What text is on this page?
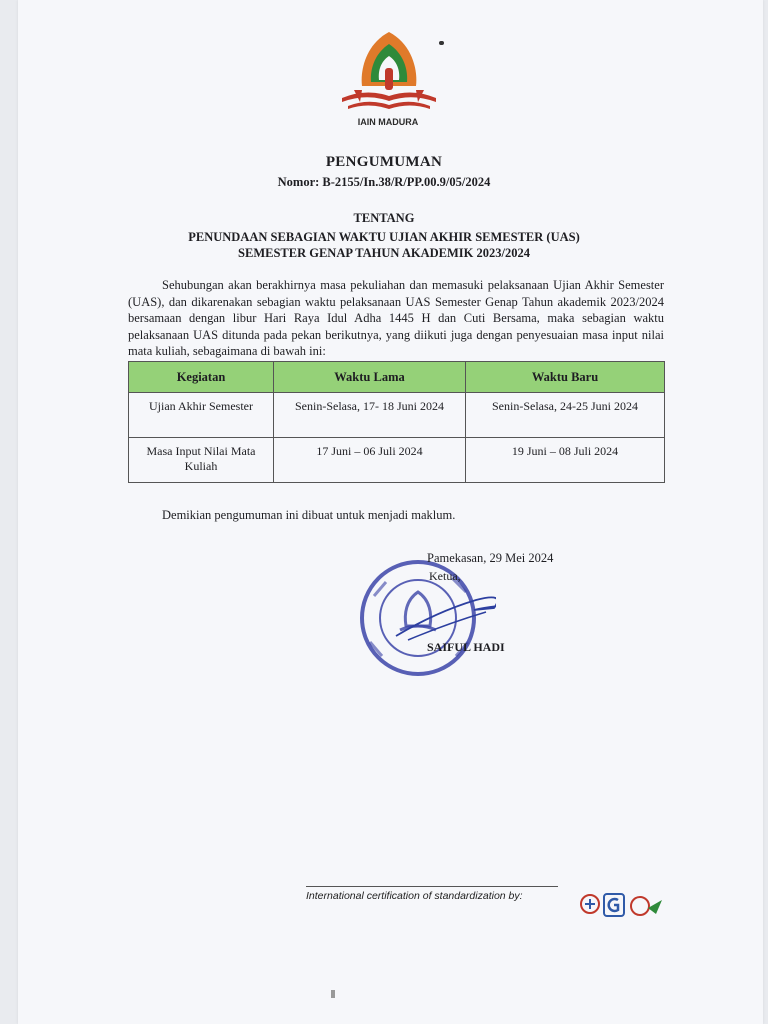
IAIN MADURA
PENGUMUMAN
Nomor: B-2155/In.38/R/PP.00.9/05/2024
TENTANG
PENUNDAAN SEBAGIAN WAKTU UJIAN AKHIR SEMESTER (UAS)
SEMESTER GENAP TAHUN AKADEMIK 2023/2024
Sehubungan akan berakhirnya masa pekuliahan dan memasuki pelaksanaan Ujian Akhir Semester (UAS), dan dikarenakan sebagian waktu pelaksanaan UAS Semester Genap Tahun akademik 2023/2024 bersamaan dengan libur Hari Raya Idul Adha 1445 H dan Cuti Bersama, maka sebagian waktu pelaksanaan UAS ditunda pada pekan berikutnya, yang diikuti juga dengan penyesuaian masa input nilai mata kuliah, sebagaimana di bawah ini:
Kegiatan	Waktu Lama	Waktu Baru
Ujian Akhir Semester	Senin-Selasa, 17- 18 Juni 2024	Senin-Selasa, 24-25 Juni 2024
Masa Input Nilai Mata Kuliah	17 Juni – 06 Juli 2024	19 Juni – 08 Juli 2024
Demikian pengumuman ini dibuat untuk menjadi maklum.
Pamekasan, 29 Mei 2024
Ketua,
SAIFUL HADI
International certification of standardization by:
